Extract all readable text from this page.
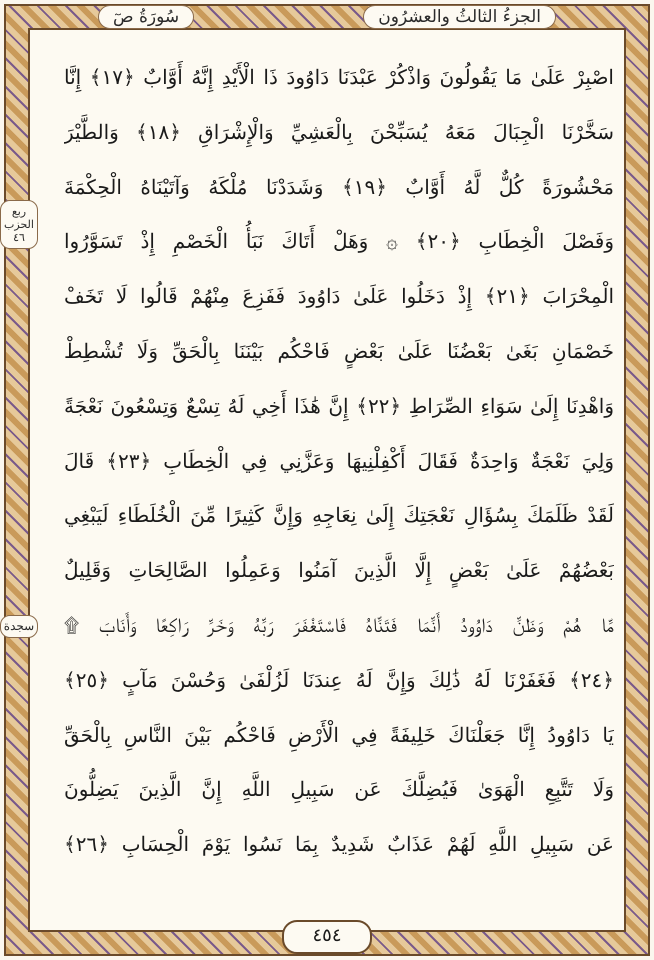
سُورَةُ صٓ	الجزءُ الثالثُ والعشرُون
ربع الحزب ٤٦
سجدة
اصْبِرْ عَلَىٰ مَا يَقُولُونَ وَاذْكُرْ عَبْدَنَا دَاوُودَ ذَا الْأَيْدِ إِنَّهُ أَوَّابٌ ﴿١٧﴾ إِنَّا
سَخَّرْنَا الْجِبَالَ مَعَهُ يُسَبِّحْنَ بِالْعَشِيِّ وَالْإِشْرَاقِ ﴿١٨﴾ وَالطَّيْرَ
مَحْشُورَةً كُلٌّ لَّهُ أَوَّابٌ ﴿١٩﴾ وَشَدَدْنَا مُلْكَهُ وَآتَيْنَاهُ الْحِكْمَةَ
وَفَصْلَ الْخِطَابِ ﴿٢٠﴾ ۞ وَهَلْ أَتَاكَ نَبَأُ الْخَصْمِ إِذْ تَسَوَّرُوا
الْمِحْرَابَ ﴿٢١﴾ إِذْ دَخَلُوا عَلَىٰ دَاوُودَ فَفَزِعَ مِنْهُمْ قَالُوا لَا تَخَفْ
خَصْمَانِ بَغَىٰ بَعْضُنَا عَلَىٰ بَعْضٍ فَاحْكُم بَيْنَنَا بِالْحَقِّ وَلَا تُشْطِطْ
وَاهْدِنَا إِلَىٰ سَوَاءِ الصِّرَاطِ ﴿٢٢﴾ إِنَّ هَٰذَا أَخِي لَهُ تِسْعٌ وَتِسْعُونَ نَعْجَةً
وَلِيَ نَعْجَةٌ وَاحِدَةٌ فَقَالَ أَكْفِلْنِيهَا وَعَزَّنِي فِي الْخِطَابِ ﴿٢٣﴾ قَالَ
لَقَدْ ظَلَمَكَ بِسُؤَالِ نَعْجَتِكَ إِلَىٰ نِعَاجِهِ وَإِنَّ كَثِيرًا مِّنَ الْخُلَطَاءِ لَيَبْغِي
بَعْضُهُمْ عَلَىٰ بَعْضٍ إِلَّا الَّذِينَ آمَنُوا وَعَمِلُوا الصَّالِحَاتِ وَقَلِيلٌ
مَّا هُمْ وَظَنَّ دَاوُودُ أَنَّمَا فَتَنَّاهُ فَاسْتَغْفَرَ رَبَّهُ وَخَرَّ رَاكِعًا وَأَنَابَ ۩
﴿٢٤﴾ فَغَفَرْنَا لَهُ ذَٰلِكَ وَإِنَّ لَهُ عِندَنَا لَزُلْفَىٰ وَحُسْنَ مَآبٍ ﴿٢٥﴾
يَا دَاوُودُ إِنَّا جَعَلْنَاكَ خَلِيفَةً فِي الْأَرْضِ فَاحْكُم بَيْنَ النَّاسِ بِالْحَقِّ
وَلَا تَتَّبِعِ الْهَوَىٰ فَيُضِلَّكَ عَن سَبِيلِ اللَّهِ إِنَّ الَّذِينَ يَضِلُّونَ
عَن سَبِيلِ اللَّهِ لَهُمْ عَذَابٌ شَدِيدٌ بِمَا نَسُوا يَوْمَ الْحِسَابِ ﴿٢٦﴾
٤٥٤
